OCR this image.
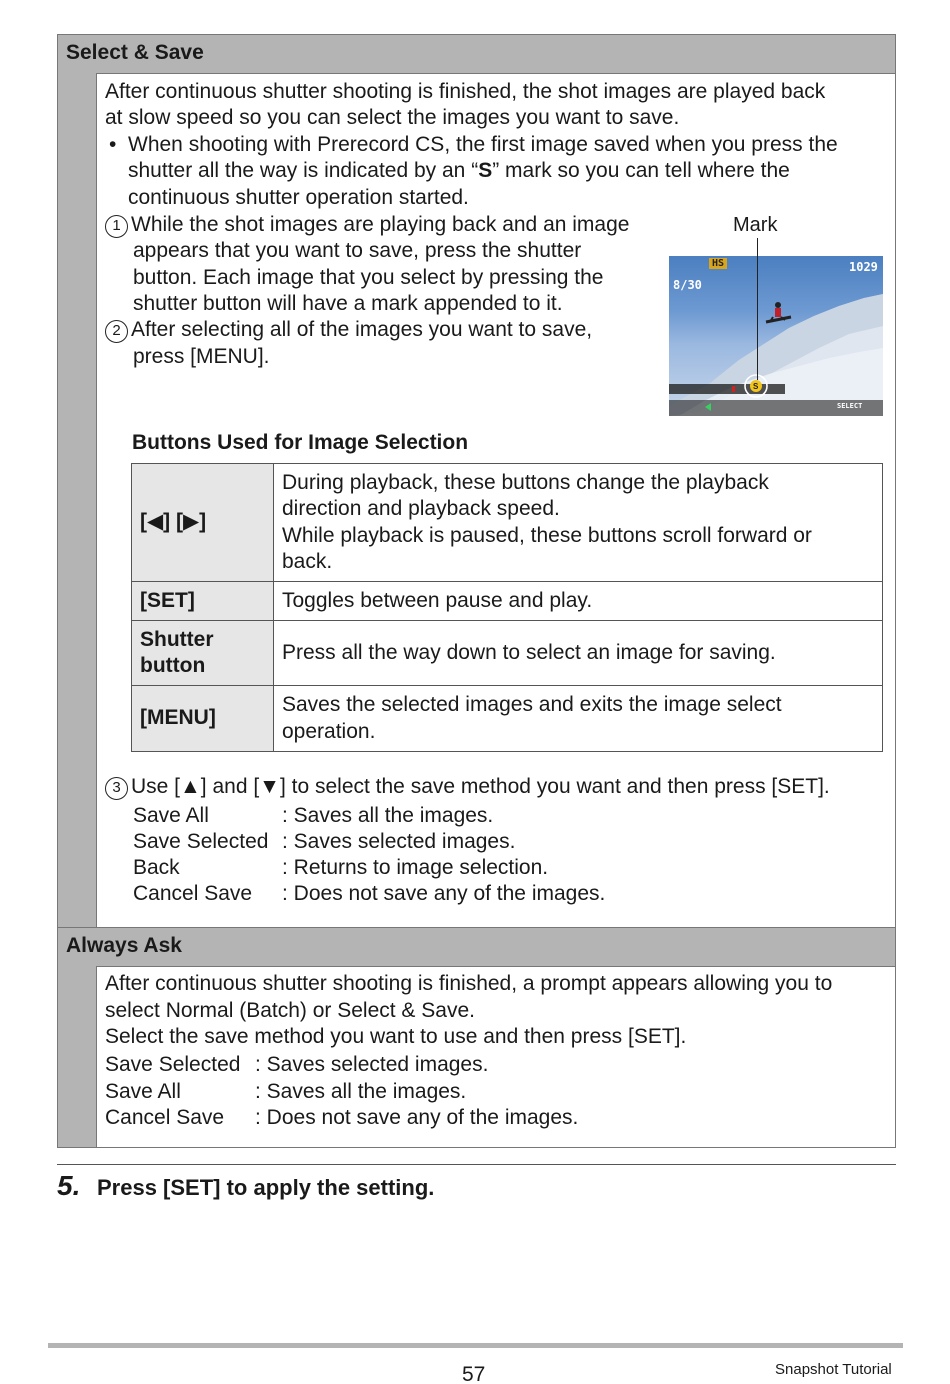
Select & Save
After continuous shutter shooting is finished, the shot images are played back
at slow speed so you can select the images you want to save.
• When shooting with Prerecord CS, the first image saved when you press the
shutter all the way is indicated by an “S” mark so you can tell where the
continuous shutter operation started.
1 While the shot images are playing back and an image
appears that you want to save, press the shutter
button. Each image that you select by pressing the
shutter button will have a mark appended to it.
2 After selecting all of the images you want to save,
press [MENU].
Mark
S
8/30
1029
HS
SELECT
Buttons Used for Image Selection
[◀] [▶]	During playback, these buttons change the playback
direction and playback speed.
While playback is paused, these buttons scroll forward or
back.

[SET]	Toggles between pause and play.

Shutter
button	Press all the way down to select an image for saving.

[MENU]	Saves the selected images and exits the image select
operation.
3 Use [▲] and [▼] to select the save method you want and then press [SET].
Save All	: Saves all the images.
Save Selected : Saves selected images.
Back	: Returns to image selection.
Cancel Save : Does not save any of the images.
Always Ask
After continuous shutter shooting is finished, a prompt appears allowing you to
select Normal (Batch) or Select & Save.
Select the save method you want to use and then press [SET].
Save Selected : Saves selected images.
Save All	: Saves all the images.
Cancel Save : Does not save any of the images.
5. Press [SET] to apply the setting.
57	Snapshot Tutorial
